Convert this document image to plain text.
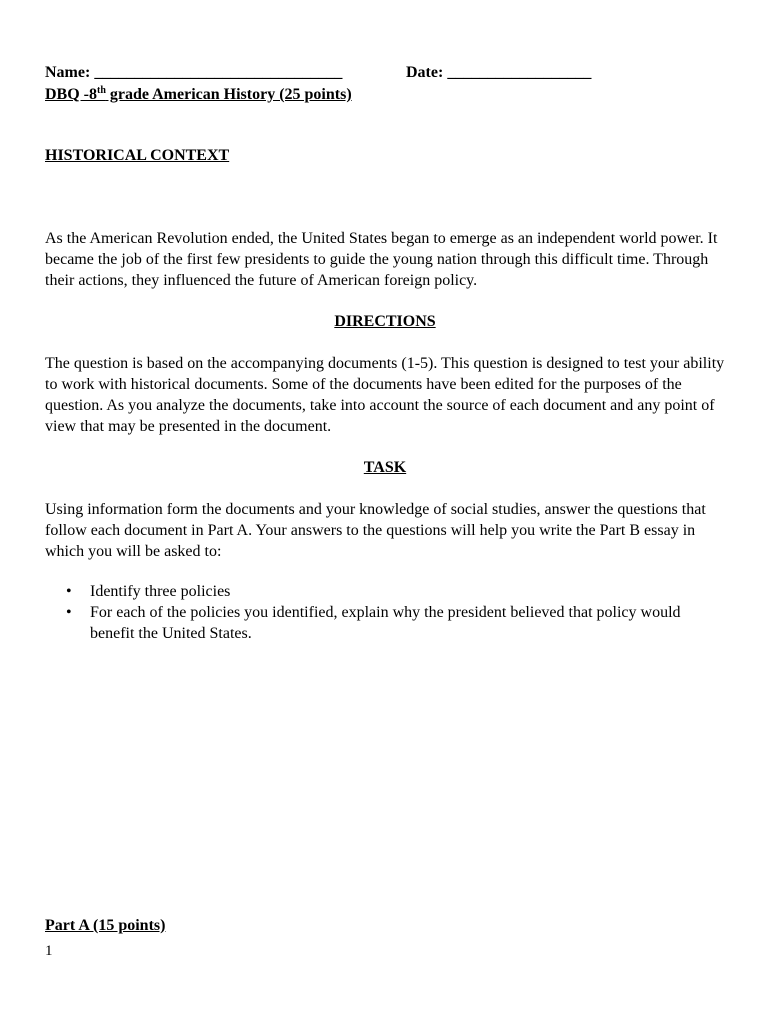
Name: _______________________________	Date: __________________
DBQ -8th grade American History (25 points)
HISTORICAL CONTEXT

As the American Revolution ended, the United States began to emerge as an independent world power. It became the job of the first few presidents to guide the young nation through this difficult time. Through their actions, they influenced the future of American foreign policy.

DIRECTIONS

The question is based on the accompanying documents (1-5). This question is designed to test your ability to work with historical documents. Some of the documents have been edited for the purposes of the question. As you analyze the documents, take into account the source of each document and any point of view that may be presented in the document.

TASK

Using information form the documents and your knowledge of social studies, answer the questions that follow each document in Part A. Your answers to the questions will help you write the Part B essay in which you will be asked to:

• Identify three policies
• For each of the policies you identified, explain why the president believed that policy would benefit the United States.
Part A (15 points)
1
